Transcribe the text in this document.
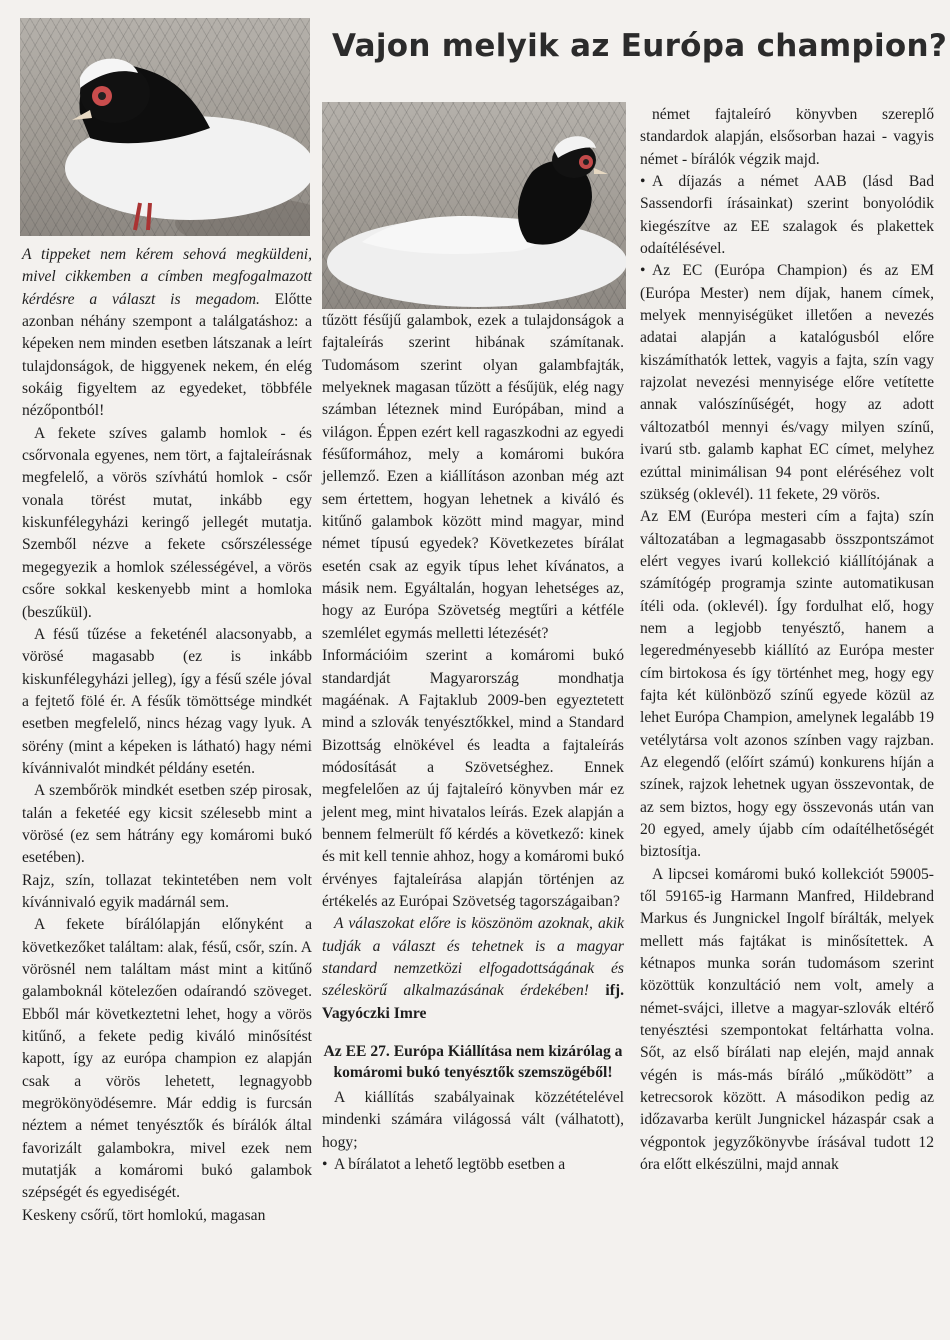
Vajon melyik az Európa champion?

A tippeket nem kérem sehová megküldeni, mivel cikkemben a címben megfogalmazott kérdésre a választ is megadom. Előtte azonban néhány szempont a találgatáshoz: a képeken nem minden esetben látszanak a leírt tulajdonságok, de higgyenek nekem, én elég sokáig figyeltem az egyedeket, többféle nézőpontból!

A fekete szíves galamb homlok - és csőrvonala egyenes, nem tört, a fajtaleírásnak megfelelő, a vörös szívhátú homlok - csőr vonala törést mutat, inkább egy kiskunfélegyházi keringő jellegét mutatja. Szemből nézve a fekete csőrszélessége megegyezik a homlok szélességével, a vörös csőre sokkal keskenyebb mint a homloka (beszűkül).

A fésű tűzése a feketénél alacsonyabb, a vörösé magasabb (ez is inkább kiskunfélegyházi jelleg), így a fésű széle jóval a fejtető fölé ér. A fésűk tömöttsége mindkét esetben megfelelő, nincs hézag vagy lyuk. A sörény (mint a képeken is látható) hagy némi kívánnivalót mindkét példány esetén.

A szembőrök mindkét esetben szép pirosak, talán a feketéé egy kicsit szélesebb mint a vörösé (ez sem hátrány egy komáromi bukó esetében).

Rajz, szín, tollazat tekintetében nem volt kívánnivaló egyik madárnál sem.

A fekete bírálólapján előnyként a következőket találtam: alak, fésű, csőr, szín. A vörösnél nem találtam mást mint a kitűnő galamboknál kötelezően odaírandó szöveget. Ebből már következtetni lehet, hogy a vörös kitűnő, a fekete pedig kiváló minősítést kapott, így az európa champion ez alapján csak a vörös lehetett, legnagyobb megrökönyödésemre. Már eddig is furcsán néztem a német tenyésztők és bírálók által favorizált galambokra, mivel ezek nem mutatják a komáromi bukó galambok szépségét és egyediségét.

Keskeny csőrű, tört homlokú, magasan

tűzött fésűjű galambok, ezek a tulajdonságok a fajtaleírás szerint hibának számítanak. Tudomásom szerint olyan galambfajták, melyeknek magasan tűzött a fésűjük, elég nagy számban léteznek mind Európában, mind a világon. Éppen ezért kell ragaszkodni az egyedi fésűformához, mely a komáromi bukóra jellemző. Ezen a kiállításon azonban még azt sem értettem, hogyan lehetnek a kiváló és kitűnő galambok között mind magyar, mind német típusú egyedek? Következetes bírálat esetén csak az egyik típus lehet kívánatos, a másik nem. Egyáltalán, hogyan lehetséges az, hogy az Európa Szövetség megtűri a kétféle szemlélet egymás melletti létezését?

Információim szerint a komáromi bukó standardját Magyarország mondhatja magáénak. A Fajtaklub 2009-ben egyeztetett mind a szlovák tenyésztőkkel, mind a Standard Bizottság elnökével és leadta a fajtaleírás módosítását a Szövetséghez. Ennek megfelelően az új fajtaleíró könyvben már ez jelent meg, mint hivatalos leírás. Ezek alapján a bennem felmerült fő kérdés a következő: kinek és mit kell tennie ahhoz, hogy a komáromi bukó érvényes fajtaleírása alapján történjen az értékelés az Európai Szövetség tagországaiban?

A válaszokat előre is köszönöm azoknak, akik tudják a választ és tehetnek is a magyar standard nemzetközi elfogadottságának és széleskörű alkalmazásának érdekében! ifj. Vagyóczki Imre

Az EE 27. Európa Kiállítása nem kizárólag a komáromi bukó tenyésztők szemszögéből!

A kiállítás szabályainak közzétételével mindenki számára világossá vált (válhatott), hogy;

• A bírálatot a lehető legtöbb esetben a

német fajtaleíró könyvben szereplő standardok alapján, elsősorban hazai - vagyis német - bírálók végzik majd.

• A díjazás a német AAB (lásd Bad Sassendorfi írásainkat) szerint bonyolódik kiegészítve az EE szalagok és plakettek odaítélésével.

• Az EC (Európa Champion) és az EM (Európa Mester) nem díjak, hanem címek, melyek mennyiségüket illetően a nevezés adatai alapján a katalógusból előre kiszámíthatók lettek, vagyis a fajta, szín vagy rajzolat nevezési mennyisége előre vetítette annak valószínűségét, hogy az adott változatból mennyi és/vagy milyen színű, ivarú stb. galamb kaphat EC címet, melyhez ezúttal minimálisan 94 pont eléréséhez volt szükség (oklevél). 11 fekete, 29 vörös.

Az EM (Európa mesteri cím a fajta) szín változatában a legmagasabb összpontszámot elért vegyes ivarú kollekció kiállítójának a számítógép programja szinte automatikusan ítéli oda. (oklevél). Így fordulhat elő, hogy nem a legjobb tenyésztő, hanem a legeredményesebb kiállító az Európa mester cím birtokosa és így történhet meg, hogy egy fajta két különböző színű egyede közül az lehet Európa Champion, amelynek legalább 19 vetélytársa volt azonos színben vagy rajzban. Az elegendő (előírt számú) konkurens híján a színek, rajzok lehetnek ugyan összevontak, de az sem biztos, hogy egy összevonás után van 20 egyed, amely újabb cím odaítélhetőségét biztosítja.

A lipcsei komáromi bukó kollekciót 59005-től 59165-ig Harmann Manfred, Hildebrand Markus és Jungnickel Ingolf bírálták, melyek mellett más fajtákat is minősítettek. A kétnapos munka során tudomásom szerint közöttük konzultáció nem volt, amely a német-svájci, illetve a magyar-szlovák eltérő tenyésztési szempontokat feltárhatta volna. Sőt, az első bírálati nap elején, majd annak végén is más-más bíráló „működött” a ketrecsorok között. A másodikon pedig az időzavarba került Jungnickel házaspár csak a végpontok jegyzőkönyvbe írásával tudott 12 óra előtt elkészülni, majd annak
